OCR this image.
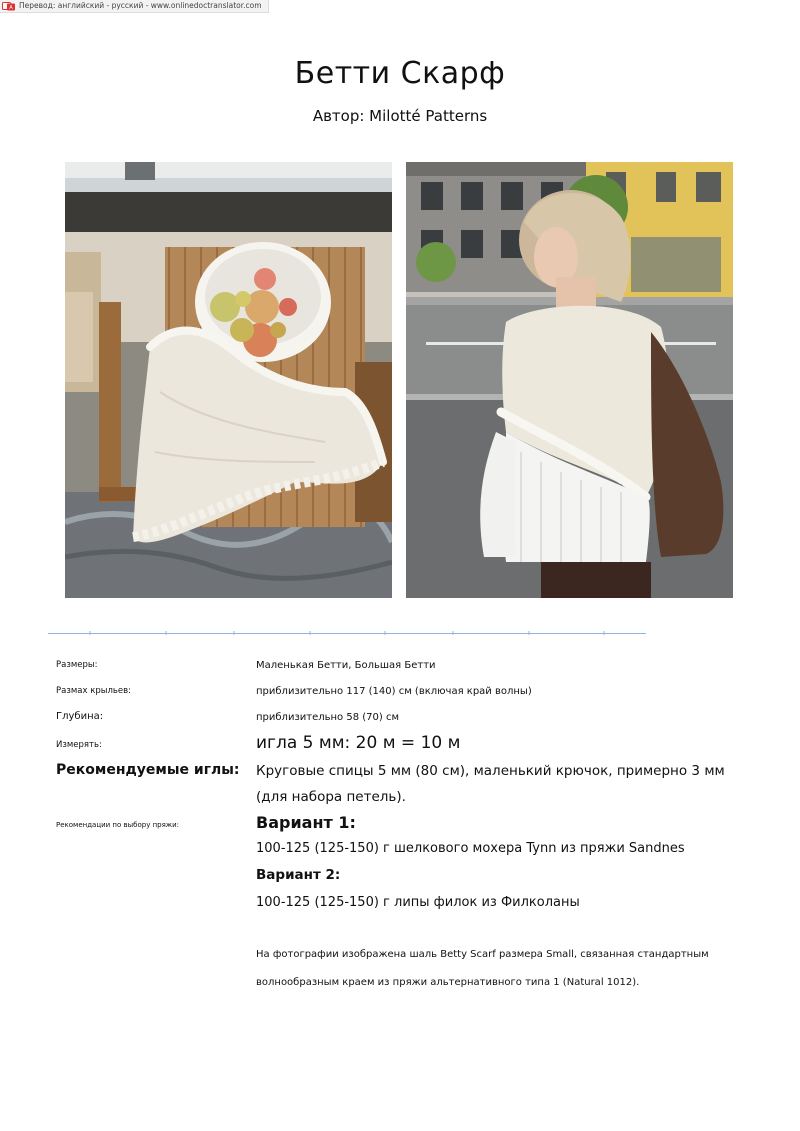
A Перевод: английский - русский - www.onlinedoctranslator.com
Бетти Скарф
Автор: Milotté Patterns
Размеры:	Маленькая Бетти, Большая Бетти
Размах крыльев:	приблизительно 117 (140) см (включая край волны)
Глубина:	приблизительно 58 (70) см
Измерять:	игла 5 мм: 20 м = 10 м
Рекомендуемые иглы: Круговые спицы 5 мм (80 см), маленький крючок, примерно 3 мм
(для набора петель).
Рекомендации по выбору пряжи:	Вариант 1:
100-125 (125-150) г шелкового мохера Tynn из пряжи Sandnes
Вариант 2:
100-125 (125-150) г липы филок из Филколаны
На фотографии изображена шаль Betty Scarf размера Small, связанная стандартным
волнообразным краем из пряжи альтернативного типа 1 (Natural 1012).
